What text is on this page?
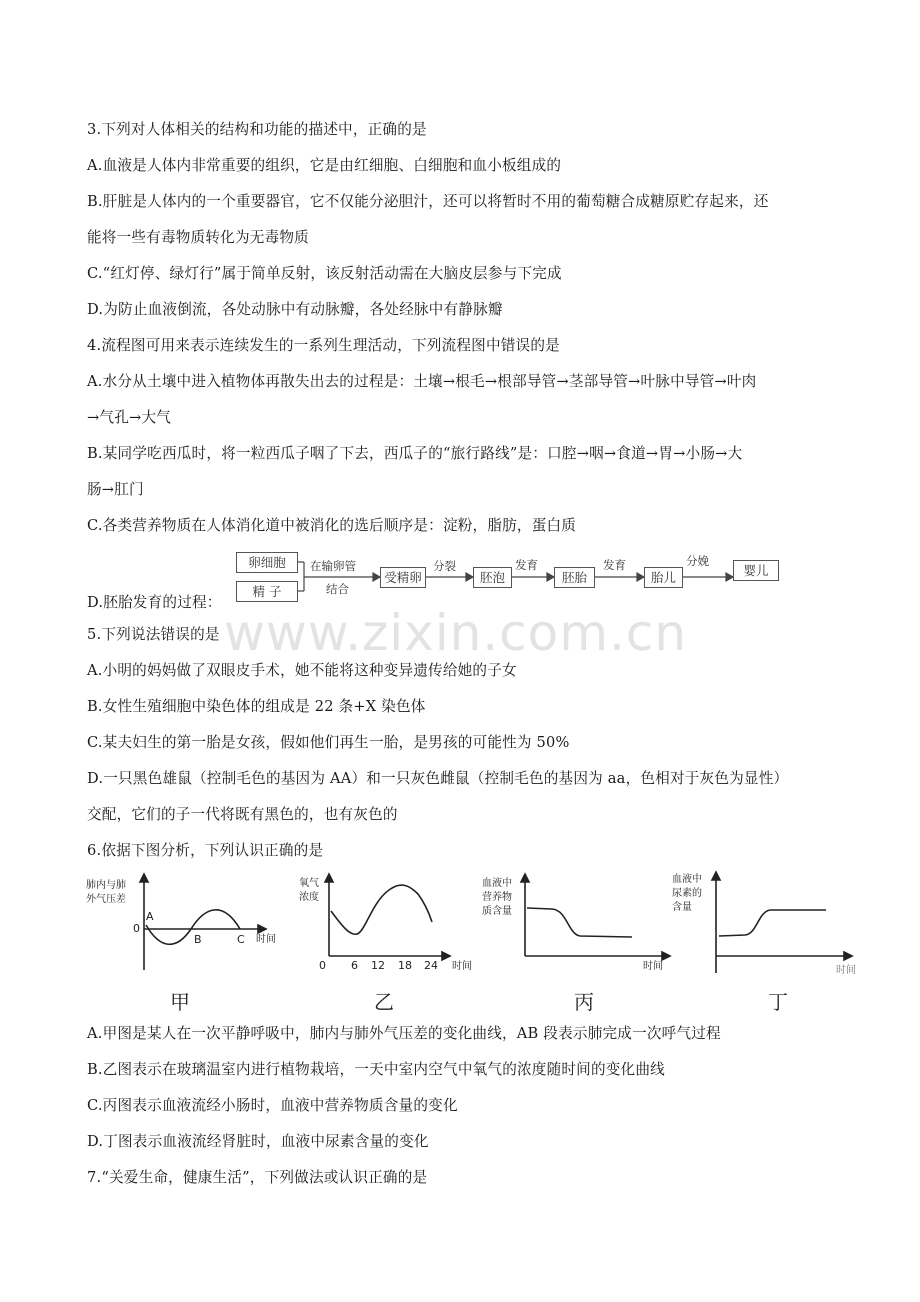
www.zixin.com.cn
3.下列对人体相关的结构和功能的描述中，正确的是
A.血液是人体内非常重要的组织，它是由红细胞、白细胞和血小板组成的
B.肝脏是人体内的一个重要器官，它不仅能分泌胆汁，还可以将暂时不用的葡萄糖合成糖原贮存起来，还
能将一些有毒物质转化为无毒物质
C.“红灯停、绿灯行”属于简单反射，该反射活动需在大脑皮层参与下完成
D.为防止血液倒流，各处动脉中有动脉瓣，各处经脉中有静脉瓣
4.流程图可用来表示连续发生的一系列生理活动，下列流程图中错误的是
A.水分从土壤中进入植物体再散失出去的过程是：土壤→根毛→根部导管→茎部导管→叶脉中导管→叶肉
→气孔→大气
B.某同学吃西瓜时，将一粒西瓜子咽了下去，西瓜子的“旅行路线”是：口腔→咽→食道→胃→小肠→大
肠→肛门
C.各类营养物质在人体消化道中被消化的选后顺序是：淀粉，脂肪，蛋白质
D.胚胎发育的过程：
5.下列说法错误的是
A.小明的妈妈做了双眼皮手术，她不能将这种变异遗传给她的子女
B.女性生殖细胞中染色体的组成是 22 条+X 染色体
C.某夫妇生的第一胎是女孩，假如他们再生一胎，是男孩的可能性为 50%
D.一只黑色雄鼠（控制毛色的基因为 AA）和一只灰色雌鼠（控制毛色的基因为 aa，色相对于灰色为显性）
交配，它们的子一代将既有黑色的，也有灰色的
6.依据下图分析，下列认识正确的是
A.甲图是某人在一次平静呼吸中，肺内与肺外气压差的变化曲线，AB 段表示肺完成一次呼气过程
B.乙图表示在玻璃温室内进行植物栽培，一天中室内空气中氧气的浓度随时间的变化曲线
C.丙图表示血液流经小肠时，血液中营养物质含量的变化
D.丁图表示血液流经肾脏时，血液中尿素含量的变化
7.“关爱生命，健康生活”，下列做法或认识正确的是
卵细胞
精 子
在输卵管
结合
受精卵
分裂
胚泡
发育
胚胎
发育
胎儿
分娩
婴儿
肺内与肺
外气压差
0
A
B	C 时间
氧气
浓度
0 6 12 18 24 时间
血液中
营养物
质含量
时间
血液中
尿素的
含量
时间
甲	乙	丙	丁
